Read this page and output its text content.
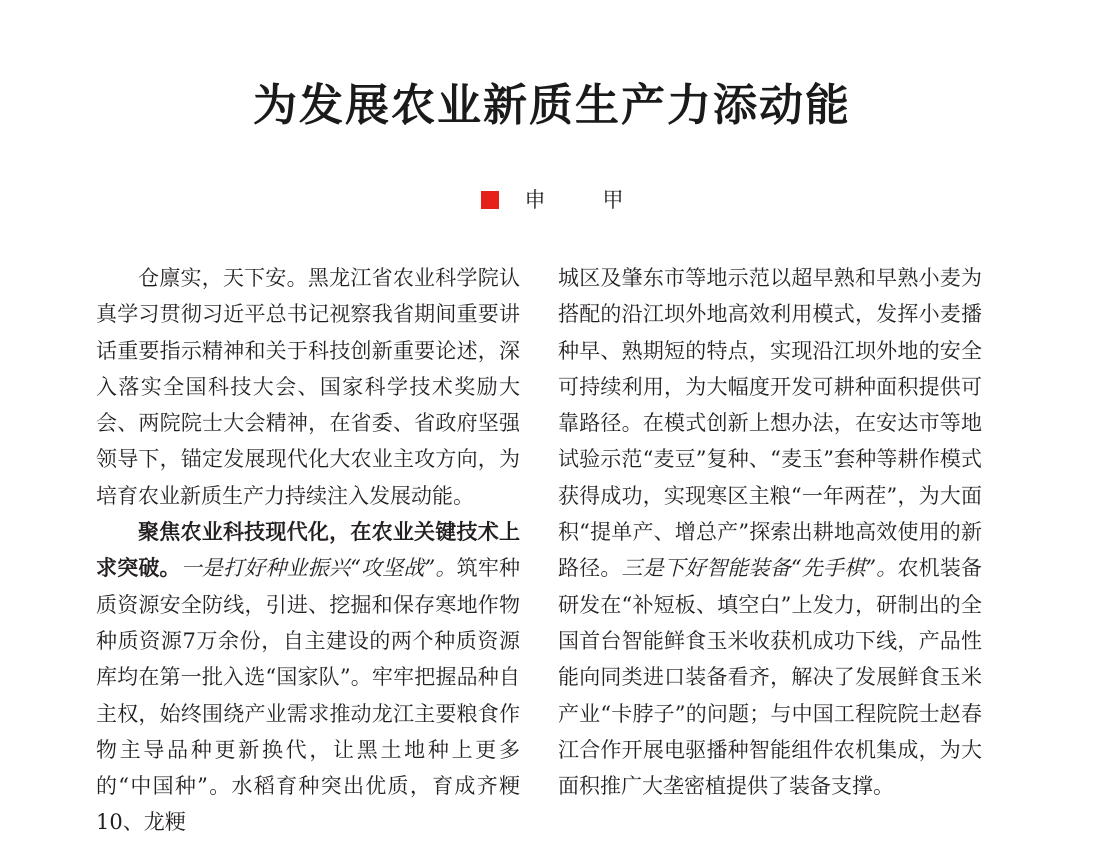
为发展农业新质生产力添动能
申　甲

仓廪实，天下安。黑龙江省农业科学院认真学习贯彻习近平总书记视察我省期间重要讲话重要指示精神和关于科技创新重要论述，深入落实全国科技大会、国家科学技术奖励大会、两院院士大会精神，在省委、省政府坚强领导下，锚定发展现代化大农业主攻方向，为培育农业新质生产力持续注入发展动能。

聚焦农业科技现代化，在农业关键技术上求突破。一是打好种业振兴“攻坚战”。筑牢种质资源安全防线，引进、挖掘和保存寒地作物种质资源7万余份，自主建设的两个种质资源库均在第一批入选“国家队”。牢牢把握品种自主权，始终围绕产业需求推动龙江主要粮食作物主导品种更新换代，让黑土地种上更多的“中国种”。水稻育种突出优质，育成齐粳10、龙粳

城区及肇东市等地示范以超早熟和早熟小麦为搭配的沿江坝外地高效利用模式，发挥小麦播种早、熟期短的特点，实现沿江坝外地的安全可持续利用，为大幅度开发可耕种面积提供可靠路径。在模式创新上想办法，在安达市等地试验示范“麦豆”复种、“麦玉”套种等耕作模式获得成功，实现寒区主粮“一年两茬”，为大面积“提单产、增总产”探索出耕地高效使用的新路径。三是下好智能装备“先手棋”。农机装备研发在“补短板、填空白”上发力，研制出的全国首台智能鲜食玉米收获机成功下线，产品性能向同类进口装备看齐，解决了发展鲜食玉米产业“卡脖子”的问题；与中国工程院院士赵春江合作开展电驱播种智能组件农机集成，为大面积推广大垄密植提供了装备支撑。
